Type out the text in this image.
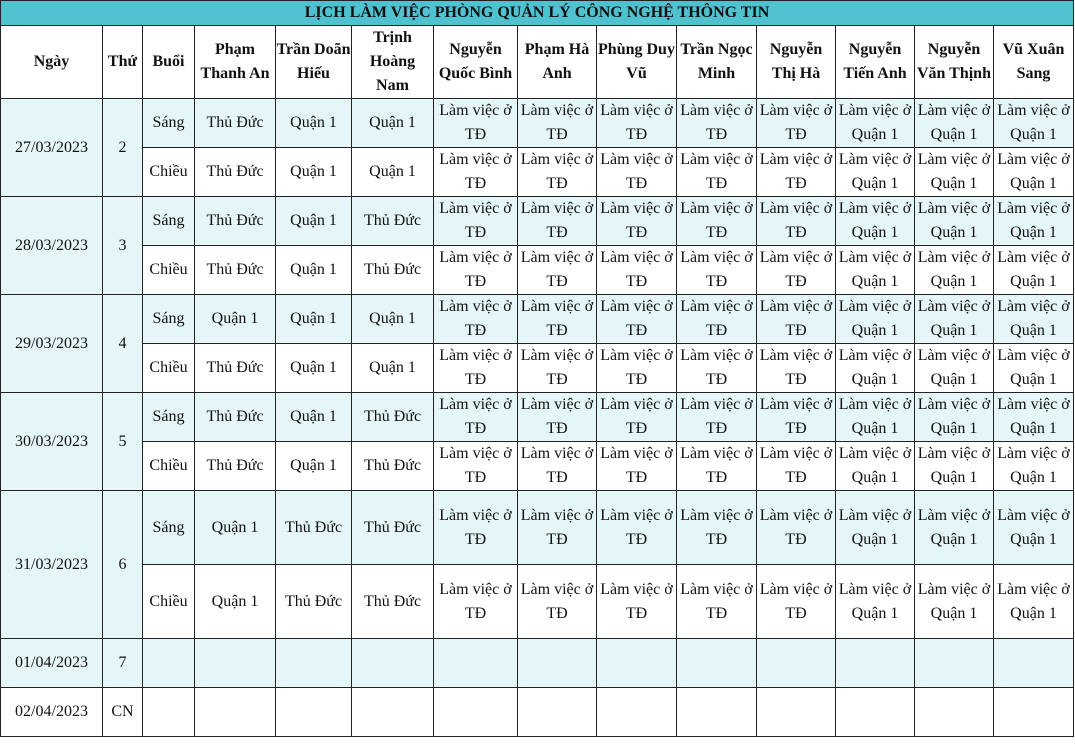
LỊCH LÀM VIỆC PHÒNG QUẢN LÝ CÔNG NGHỆ THÔNG TIN													
Ngày	Thứ	Buổi	Phạm Thanh An	Trần Doãn Hiếu	Trịnh Hoàng Nam	Nguyễn Quốc Bình	Phạm Hà Anh	Phùng Duy Vũ	Trần Ngọc Minh	Nguyễn Thị Hà	Nguyễn Tiến Anh	Nguyễn Văn Thịnh	Vũ Xuân Sang
27/03/2023	2	Sáng	Thủ Đức	Quận 1	Quận 1	Làm việc ở TĐ	Làm việc ở TĐ	Làm việc ở TĐ	Làm việc ở TĐ	Làm việc ở TĐ	Làm việc ở Quận 1	Làm việc ở Quận 1	Làm việc ở Quận 1
		Chiều	Thủ Đức	Quận 1	Quận 1	Làm việc ở TĐ	Làm việc ở TĐ	Làm việc ở TĐ	Làm việc ở TĐ	Làm việc ở TĐ	Làm việc ở Quận 1	Làm việc ở Quận 1	Làm việc ở Quận 1
28/03/2023	3	Sáng	Thủ Đức	Quận 1	Thủ Đức	Làm việc ở TĐ	Làm việc ở TĐ	Làm việc ở TĐ	Làm việc ở TĐ	Làm việc ở TĐ	Làm việc ở Quận 1	Làm việc ở Quận 1	Làm việc ở Quận 1
		Chiều	Thủ Đức	Quận 1	Thủ Đức	Làm việc ở TĐ	Làm việc ở TĐ	Làm việc ở TĐ	Làm việc ở TĐ	Làm việc ở TĐ	Làm việc ở Quận 1	Làm việc ở Quận 1	Làm việc ở Quận 1
29/03/2023	4	Sáng	Quận 1	Quận 1	Quận 1	Làm việc ở TĐ	Làm việc ở TĐ	Làm việc ở TĐ	Làm việc ở TĐ	Làm việc ở TĐ	Làm việc ở Quận 1	Làm việc ở Quận 1	Làm việc ở Quận 1
		Chiều	Thủ Đức	Quận 1	Quận 1	Làm việc ở TĐ	Làm việc ở TĐ	Làm việc ở TĐ	Làm việc ở TĐ	Làm việc ở TĐ	Làm việc ở Quận 1	Làm việc ở Quận 1	Làm việc ở Quận 1
30/03/2023	5	Sáng	Thủ Đức	Quận 1	Thủ Đức	Làm việc ở TĐ	Làm việc ở TĐ	Làm việc ở TĐ	Làm việc ở TĐ	Làm việc ở TĐ	Làm việc ở Quận 1	Làm việc ở Quận 1	Làm việc ở Quận 1
		Chiều	Thủ Đức	Quận 1	Thủ Đức	Làm việc ở TĐ	Làm việc ở TĐ	Làm việc ở TĐ	Làm việc ở TĐ	Làm việc ở TĐ	Làm việc ở Quận 1	Làm việc ở Quận 1	Làm việc ở Quận 1
31/03/2023	6	Sáng	Quận 1	Thủ Đức	Thủ Đức	Làm việc ở TĐ	Làm việc ở TĐ	Làm việc ở TĐ	Làm việc ở TĐ	Làm việc ở TĐ	Làm việc ở Quận 1	Làm việc ở Quận 1	Làm việc ở Quận 1
		Chiều	Quận 1	Thủ Đức	Thủ Đức	Làm việc ở TĐ	Làm việc ở TĐ	Làm việc ở TĐ	Làm việc ở TĐ	Làm việc ở TĐ	Làm việc ở Quận 1	Làm việc ở Quận 1	Làm việc ở Quận 1
01/04/2023	7												
02/04/2023	CN												
